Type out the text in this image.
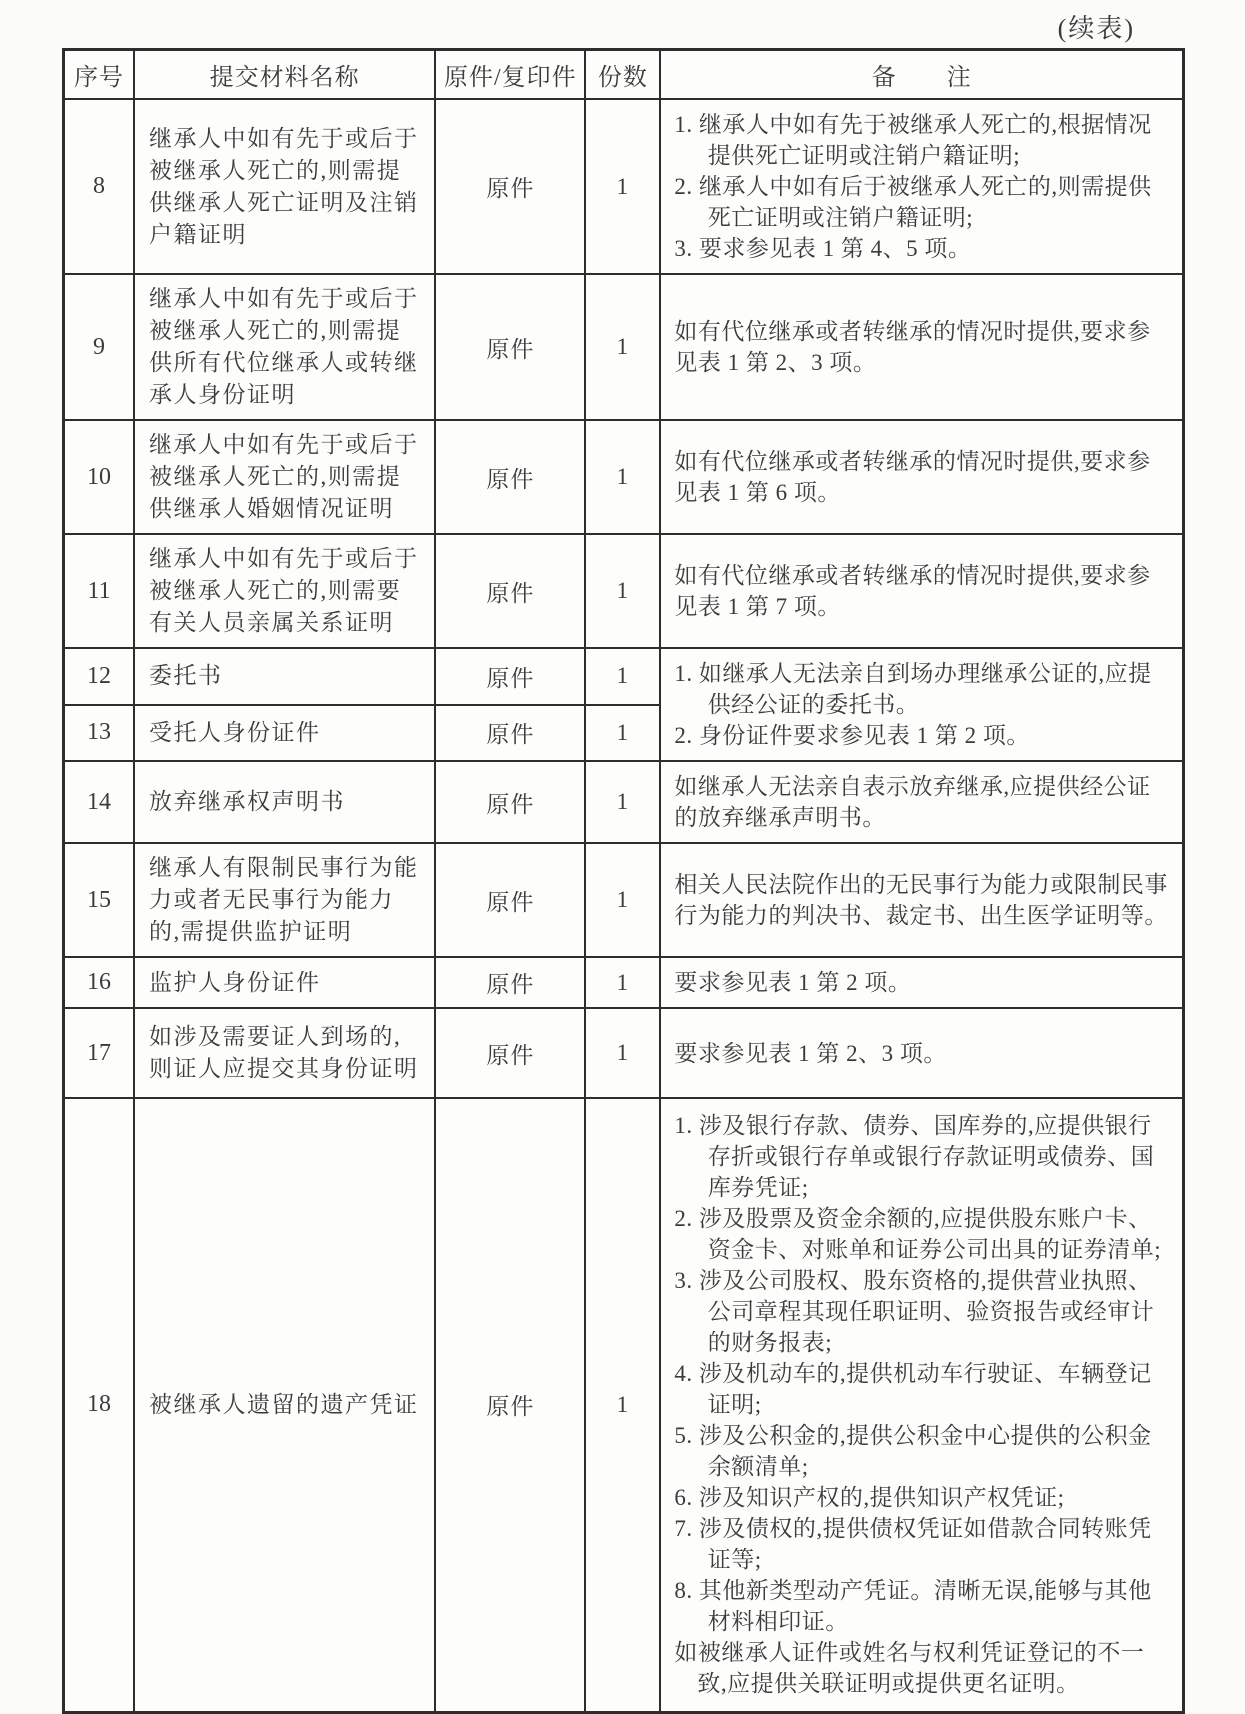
(续表)
序号	提交材料名称	原件/复印件	份数	备　　注
8	继承人中如有先于或后于被继承人死亡的,则需提供继承人死亡证明及注销户籍证明	原件	1	1. 继承人中如有先于被继承人死亡的,根据情况提供死亡证明或注销户籍证明;
2. 继承人中如有后于被继承人死亡的,则需提供死亡证明或注销户籍证明;
3. 要求参见表 1 第 4、5 项。

9	继承人中如有先于或后于被继承人死亡的,则需提供所有代位继承人或转继承人身份证明	原件	1	如有代位继承或者转继承的情况时提供,要求参见表 1 第 2、3 项。

10	继承人中如有先于或后于被继承人死亡的,则需提供继承人婚姻情况证明	原件	1	如有代位继承或者转继承的情况时提供,要求参见表 1 第 6 项。

11	继承人中如有先于或后于被继承人死亡的,则需要有关人员亲属关系证明	原件	1	如有代位继承或者转继承的情况时提供,要求参见表 1 第 7 项。

12	委托书	原件	1	1. 如继承人无法亲自到场办理继承公证的,应提供经公证的委托书。
2. 身份证件要求参见表 1 第 2 项。

13	受托人身份证件	原件	1	
14	放弃继承权声明书	原件	1	如继承人无法亲自表示放弃继承,应提供经公证的放弃继承声明书。

15	继承人有限制民事行为能力或者无民事行为能力的,需提供监护证明	原件	1	相关人民法院作出的无民事行为能力或限制民事行为能力的判决书、裁定书、出生医学证明等。

16	监护人身份证件	原件	1	要求参见表 1 第 2 项。

17	如涉及需要证人到场的,则证人应提交其身份证明	原件	1	要求参见表 1 第 2、3 项。

18	被继承人遗留的遗产凭证	原件	1	
1. 涉及银行存款、债券、国库券的,应提供银行存折或银行存单或银行存款证明或债券、国库券凭证;
2. 涉及股票及资金余额的,应提供股东账户卡、资金卡、对账单和证券公司出具的证券清单;
3. 涉及公司股权、股东资格的,提供营业执照、公司章程其现任职证明、验资报告或经审计的财务报表;
4. 涉及机动车的,提供机动车行驶证、车辆登记证明;
5. 涉及公积金的,提供公积金中心提供的公积金余额清单;
6. 涉及知识产权的,提供知识产权凭证;
7. 涉及债权的,提供债权凭证如借款合同转账凭证等;
8. 其他新类型动产凭证。清晰无误,能够与其他材料相印证。
如被继承人证件或姓名与权利凭证登记的不一致,应提供关联证明或提供更名证明。
